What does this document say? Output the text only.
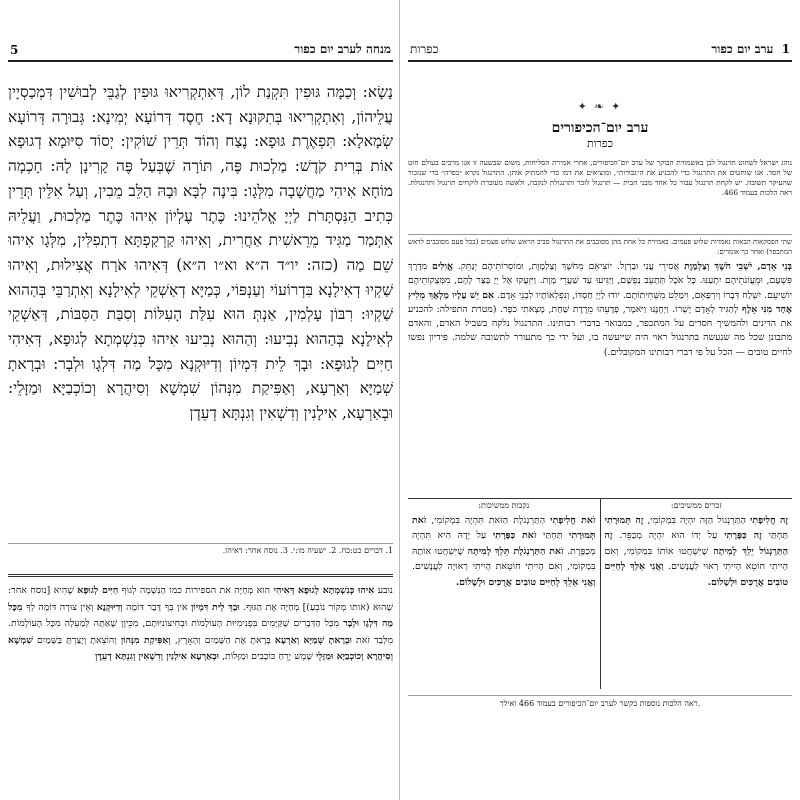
5	מנחה לערב יום כפור
נָשָׂא: וְכַמָּה גּוּפִין תִּקְנַת לוֹן, דְּאִתְקְרִיאוּ גּוּפִין לְגַבֵּי לְבוּשִׁין דִּמְכַסְיָין עֲלֵיהוֹן, וְאִתְקְרִיאוּ בְּתִקּוּנָא דָא: חֶסֶד דְּרוֹעָא יְמִינָא: גְּבוּרָה דְּרוֹעָא שְׂמָאלָא: תִּפְאֶרֶת גּוּפָא: נֶצַח וְהוֹד תְּרֵין שׁוֹקִין: יְסוֹד סִיּוּמָא דְגוּפָא אוֹת בְּרִית קֹדֶשׁ: מַלְכוּת פֶּה, תּוֹרָה שֶׁבְּעַל פֶּה קָרִינָן לָהּ: חָכְמָה מוֹחָא אִיהִי מַחֲשָׁבָה מִלְּגָו: בִּינָה לִבָּא וּבָהּ הַלֵּב מֵבִין, וְעַל אִלֵּין תְּרֵין כְּתִיב הַנִּסְתָּרֹת לַיְיָ אֱלֹהֵינוּ: כֶּתֶר עֶלְיוֹן אִיהוּ כֶּתֶר מַלְכוּת, וַעֲלֵיהּ אִתְּמַר מַגִּיד מֵרֵאשִׁית אַחֲרִית, וְאִיהוּ קַרְקַפְתָּא דִתְפִלִּין, מִלְּגָו אִיהוּ שֵׁם מַה (כזה: יו״ד ה״א וא״ו ה״א) דְּאִיהוּ אֹרַח אֲצִילוּת, וְאִיהוּ שַׁקְיוּ דְאִילָנָא בִּדְרוֹעוֹי וְעַנְפּוֹי, כְּמַיָּא דְאַשְׁקֵי לְאִילָנָא וְאִתְרַבֵּי בְּהַהוּא שַׁקְיוּ: רִבּוֹן עָלְמִין, אַנְתְּ הוּא עִלַּת הָעִלּוֹת וְסִבַּת הַסִּבּוֹת, דְּאַשְׁקֵי לְאִילָנָא בְּהַהוּא נְבִיעוּ: וְהַהוּא נְבִיעוּ אִיהוּ כְּנִשְׁמְתָא לְגוּפָא, דְּאִיהִי חַיִּים לְגוּפָא: וּבָךְ לֵית דִּמְיוֹן וְדִיּוּקְנָא מִכָּל מַה דִּלְגָו וּלְבָר: וּבְרָאתָ שְׁמַיָּא וְאַרְעָא, וְאַפִּיקַת מִנְּהוֹן שִׁמְשָׁא וְסִיהֲרָא וְכוֹכְבַיָּא וּמַזָּלֵי: וּבְאַרְעָא, אִילָנִין וְדִשְׁאִין וְגִנְתָּא דְעֵדֶן
1. דברים כט:כח. 2. ישעיה מו:י. 3. נוסח אחר: דאיהו.
נובע אִיהוּ כְּנִשְׁמְתָא לְגוּפָא דְּאִיהִי הוא מְחַיֶּה את הספירות כמו הַנְּשָׁמָה לְגוּף חַיִּים לְגוּפָא שֶׁהִיא [נוסח אחר: שֶׁהוּא (אותו מְקוֹר נוֹבֵעַ)] מְחַיֶּה אֶת הַגּוּף. וּבָךְ לֵית דִּמְיוֹן אין בְּךָ דָּבָר דּוֹמֶה וְדִיּוּקְנָא וְאֵין צוּרָה דּוֹמָה לְךָ מִכָּל מַה דִּלְגָו וּלְבָר מִכָּל הַדְּבָרִים שֶׁקַּיָּמִים בִּפְנִימִיּוּת הָעוֹלָמוֹת וּבְחִיצוֹנִיּוּתָם, מִכֵּיוָן שֶׁאַתָּה לְמַעְלָה מִכָּל הָעוֹלָמוֹת. מִלְּבַד זֹאת וּבְרָאתָ שְׁמַיָּא וְאַרְעָא בָּרָאתָ אֶת הַשָּׁמַיִם וְהָאָרֶץ, וְאַפִּיקַת מִנְּהוֹן וְהוֹצֵאתָ וְיָצַרְתָּ בַּשָּׁמַיִם שִׁמְשָׁא וְסִיהֲרָא וְכוֹכְבַיָּא וּמַזָּלֵי שֶׁמֶשׁ יָרֵחַ כּוֹכָבִים וּמַזָּלוֹת, וּבְאַרְעָא אִילָנִין וְדִשְׁאִין וְגִנְתָּא דְעֵדֶן
כפרות	1  ערב יום כפור
✦ ❧ ✦
ערב יום־הכיפורים
כפרות
נוהג ישראל לשחוט תרנגול לבן באשמורת הבוקר של ערב יום־הכיפורים, אחרי אמירת הסליחות, משום שבשעה זו אנו מרבים בעולם חוט של חסד. אנו שוחטים את התרנגול כדי להכניע את ה״גבורות״, ומוציאים את דמו כדי להמתיק אותן. התרנגול נקרא ״כפרה״ כדי שנזכור שהעיקר תשובה. יש לקחת תרנגול עבור כל אחד מבני הבית — תרנגול לזכר ותרנגולת לנקבה, ולאשה מעוברת לוקחים תרנגול ותרנגולת. ראה הלכות בעמוד 466.
שתי הפסקאות הבאות נאמרות שלוש פעמים. באמירת כל אחת מהן מסובבים את התרנגול סביב הראש שלוש פעמים (בכל פעם מסובבים לראש המתכפר) ואחר כך אומרים:
בְּנֵי אָדָם, יֹשְׁבֵי חֹשֶׁךְ וְצַלְמָוֶת אֲסִירֵי עֳנִי וּבַרְזֶל. יוֹצִיאֵם מֵחֹשֶׁךְ וְצַלְמָוֶת, וּמוֹסְרוֹתֵיהֶם יְנַתֵּק. אֱוִלִים מִדֶּרֶךְ פִּשְׁעָם, וּמֵעֲוֹנֹתֵיהֶם יִתְעַנּוּ. כָּל אֹכֶל תְּתַעֵב נַפְשָׁם, וַיַּגִּיעוּ עַד שַׁעֲרֵי מָוֶת. וַיִּזְעֲקוּ אֶל יְיָ בַּצַּר לָהֶם, מִמְּצֻקוֹתֵיהֶם יוֹשִׁיעֵם. יִשְׁלַח דְּבָרוֹ וְיִרְפָּאֵם, וִימַלֵּט מִשְּׁחִיתוֹתָם. יוֹדוּ לַיְיָ חַסְדּוֹ, וְנִפְלְאוֹתָיו לִבְנֵי אָדָם. אִם יֵשׁ עָלָיו מַלְאָךְ מֵלִיץ אֶחָד מִנִּי אָלֶף לְהַגִּיד לְאָדָם יָשְׁרוֹ. וַיְחֻנֶּנּוּ וַיֹּאמֶר, פְּדָעֵהוּ מֵרֶדֶת שַׁחַת, מָצָאתִי כֹפֶר. (מטרת התפילה: להכניע את הדינים ולהמשיך חסדים על המתכפר, כמבואר בדברי רבותינו. התרנגול נלקח בשביל האדם, והאדם מתבונן שכל מה שנעשה בתרנגול ראוי היה שייעשה בו, ועל ידי כך מתעורר לתשובה שלמה. פידיון נפשו לחיים טובים — הכל על פי דברי רבותינו המקובלים.)
זכרים ממשיכים:
זֶה חֲלִיפָתִי הַתַּרְנְגוֹל הַזֶּה יִהְיֶה בִּמְקוֹמִי, זֶה תְּמוּרָתִי תַּחְתַּי זֶה כַּפָּרָתִי עַל יָדוֹ הוּא יִהְיֶה מְכַפֵּר. זֶה הַתַּרְנְגוֹל יֵלֵךְ לְמִיתָה שֶׁיִּשְׁחֲטוּ אוֹתוֹ בִּמְקוֹמִי, וְאִם הָיִיתִי חוֹטֵא הָיִיתִי רָאוּי לַעֲנָשִׁים. וַאֲנִי אֵלֵךְ לְחַיִּים טוֹבִים אֲרֻכִּים וּלְשָׁלוֹם.
נקבות ממשיכות:
זֹאת חֲלִיפָתִי הַתַּרְנְגֹלֶת הַזֹּאת תִּהְיֶה בִּמְקוֹמִי, זֹאת תְּמוּרָתִי תַּחְתַּי זֹאת כַּפָּרָתִי עַל יָדָהּ הִיא תִּהְיֶה מְכַפֶּרֶת. זֹאת הַתַּרְנְגֹלֶת תֵּלֵךְ לְמִיתָה שֶׁיִּשְׁחֲטוּ אוֹתָהּ בִּמְקוֹמִי, וְאִם הָיִיתִי חוֹטֵאת הָיִיתִי רְאוּיָה לַעֲנָשִׁים. וַאֲנִי אֵלֵךְ לְחַיִּים טוֹבִים אֲרֻכִּים וּלְשָׁלוֹם.
ראה הלכות נוספות בקשר לערב יום־הכיפורים בעמוד 466 ואילך.
